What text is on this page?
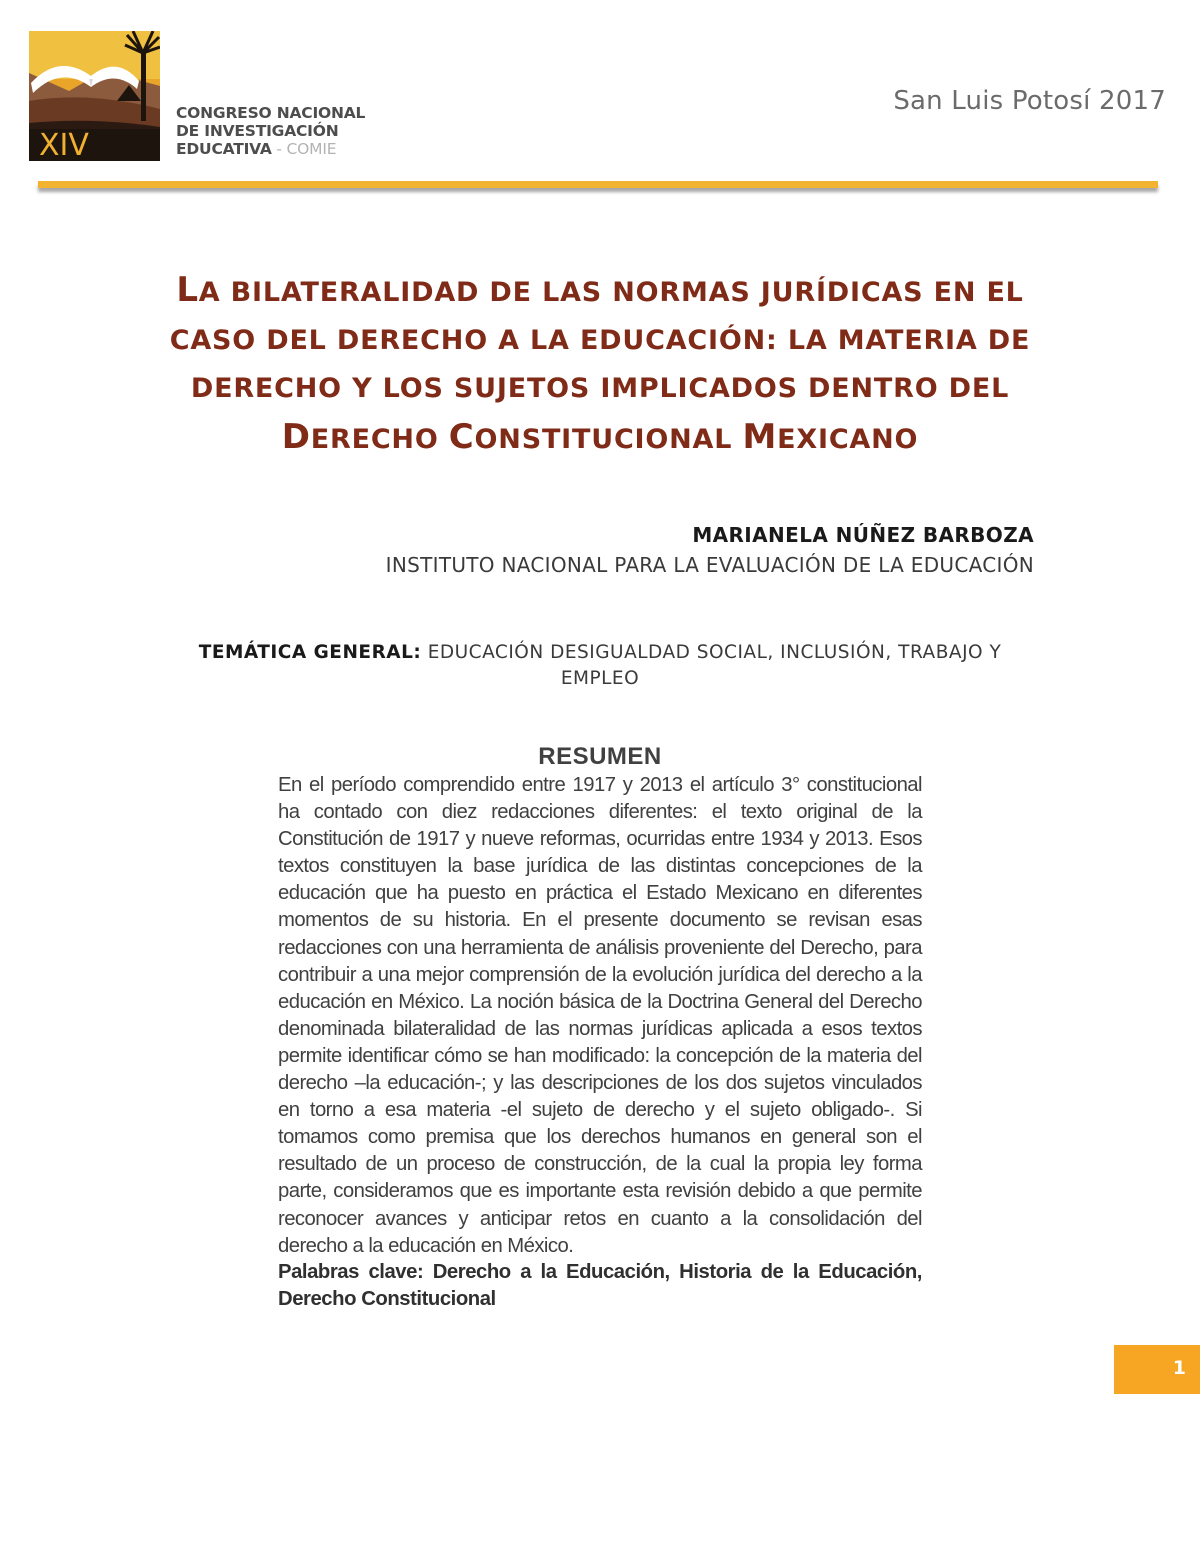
XIV
CONGRESO NACIONAL
DE INVESTIGACIÓN
EDUCATIVA - COMIE
San Luis Potosí 2017
LA BILATERALIDAD DE LAS NORMAS JURÍDICAS EN EL
CASO DEL DERECHO A LA EDUCACIÓN: LA MATERIA DE
DERECHO Y LOS SUJETOS IMPLICADOS DENTRO DEL
DERECHO CONSTITUCIONAL MEXICANO
MARIANELA NÚÑEZ BARBOZA
INSTITUTO NACIONAL PARA LA EVALUACIÓN DE LA EDUCACIÓN
TEMÁTICA GENERAL: EDUCACIÓN DESIGUALDAD SOCIAL, INCLUSIÓN, TRABAJO Y EMPLEO
RESUMEN

En el período comprendido entre 1917 y 2013 el artículo 3° constitucional ha contado con diez redacciones diferentes: el texto original de la Constitución de 1917 y nueve reformas, ocurridas entre 1934 y 2013. Esos textos constituyen la base jurídica de las distintas concepciones de la educación que ha puesto en práctica el Estado Mexicano en diferentes momentos de su historia. En el presente documento se revisan esas redacciones con una herramienta de análisis proveniente del Derecho, para contribuir a una mejor comprensión de la evolución jurídica del derecho a la educación en México. La noción básica de la Doctrina General del Derecho denominada bilateralidad de las normas jurídicas aplicada a esos textos permite identificar cómo se han modificado: la concepción de la materia del derecho –la educación-; y las descripciones de los dos sujetos vinculados en torno a esa materia -el sujeto de derecho y el sujeto obligado-. Si tomamos como premisa que los derechos humanos en general son el resultado de un proceso de construcción, de la cual la propia ley forma parte, consideramos que es importante esta revisión debido a que permite reconocer avances y anticipar retos en cuanto a la consolidación del derecho a la educación en México.

Palabras clave: Derecho a la Educación, Historia de la Educación, Derecho Constitucional

1
